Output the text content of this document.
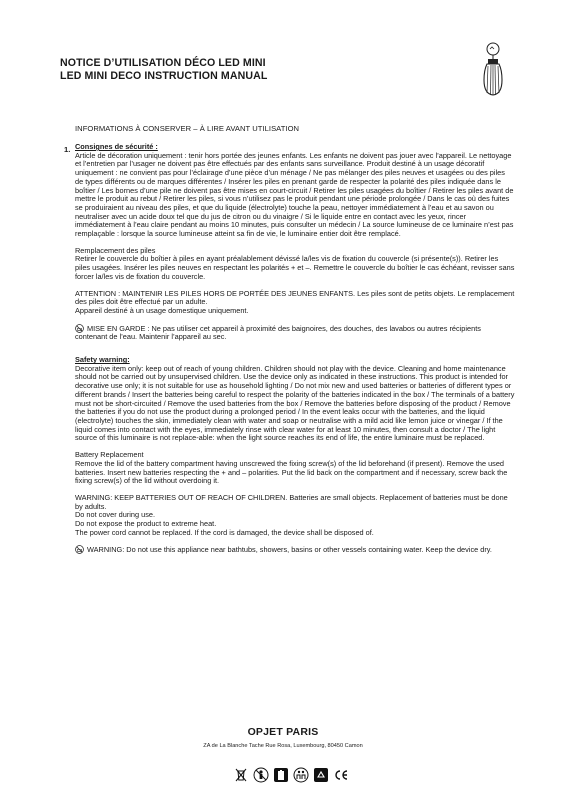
NOTICE D’UTILISATION DÉCO LED MINI
LED MINI DECO INSTRUCTION MANUAL
INFORMATIONS À CONSERVER – À LIRE AVANT UTILISATION
1. Consignes de sécurité :

Article de décoration uniquement : tenir hors portée des jeunes enfants. Les enfants ne doivent pas jouer avec l’appareil. Le nettoyage et l’entretien par l’usager ne doivent pas être effectués par des enfants sans surveillance. Produit destiné à un usage décoratif uniquement : ne convient pas pour l’éclairage d’une pièce d’un ménage / Ne pas mélanger des piles neuves et usagées ou des piles de types différents ou de marques différentes / Insérer les piles en prenant garde de respecter la polarité des piles indiquée dans le boîtier / Les bornes d’une pile ne doivent pas être mises en court-circuit / Retirer les piles usagées du boîtier / Retirer les piles avant de mettre le produit au rebut / Retirer les piles, si vous n’utilisez pas le produit pendant une période prolongée / Dans le cas où des fuites se produiraient au niveau des piles, et que du liquide (électrolyte) touche la peau, nettoyer immédiatement à l’eau et au savon ou neutraliser avec un acide doux tel que du jus de citron ou du vinaigre / Si le liquide entre en contact avec les yeux, rincer immédiatement à l’eau claire pendant au moins 10 minutes, puis consulter un médecin / La source lumineuse de ce luminaire n’est pas remplaçable : lorsque la source lumineuse atteint sa fin de vie, le luminaire entier doit être remplacé.

Remplacement des piles

Retirer le couvercle du boîtier à piles en ayant préalablement dévissé la/les vis de fixation du couvercle (si présente(s)). Retirer les piles usagées. Insérer les piles neuves en respectant les polarités + et –. Remettre le couvercle du boîtier le cas échéant, revisser sans forcer la/les vis de fixation du couvercle.

ATTENTION : MAINTENIR LES PILES HORS DE PORTÉE DES JEUNES ENFANTS. Les piles sont de petits objets. Le remplacement des piles doit être effectué par un adulte.

Appareil destiné à un usage domestique uniquement.

MISE EN GARDE : Ne pas utiliser cet appareil à proximité des baignoires, des douches, des lavabos ou autres récipients contenant de l’eau. Maintenir l’appareil au sec.

Safety warning:

Decorative item only: keep out of reach of young children. Children should not play with the device. Cleaning and home maintenance should not be carried out by unsupervised children. Use the device only as indicated in these instructions. This product is intended for decorative use only; it is not suitable for use as household lighting / Do not mix new and used batteries or batteries of different types or different brands / Insert the batteries being careful to respect the polarity of the batteries indicated in the box / The terminals of a battery must not be short-circuited / Remove the used batteries from the box / Remove the batteries before disposing of the product / Remove the batteries if you do not use the product during a prolonged period / In the event leaks occur with the batteries, and the liquid (electrolyte) touches the skin, immediately clean with water and soap or neutralise with a mild acid like lemon juice or vinegar / If the liquid comes into contact with the eyes, immediately rinse with clear water for at least 10 minutes, then consult a doctor / The light source of this luminaire is not replace-able: when the light source reaches its end of life, the entire luminaire must be replaced.

Battery Replacement

Remove the lid of the battery compartment having unscrewed the fixing screw(s) of the lid beforehand (if present). Remove the used batteries. Insert new batteries respecting the + and – polarities. Put the lid back on the compartment and if necessary, screw back the fixing screw(s) of the lid without overdoing it.

WARNING: KEEP BATTERIES OUT OF REACH OF CHILDREN. Batteries are small objects. Replacement of batteries must be done by adults.

Do not cover during use.

Do not expose the product to extreme heat.

The power cord cannot be replaced. If the cord is damaged, the device shall be disposed of.

WARNING: Do not use this appliance near bathtubs, showers, basins or other vessels containing water. Keep the device dry.

OPJET PARIS
ZA de La Blanche Tache Rue Rosa, Luxembourg, 80450 Camon
